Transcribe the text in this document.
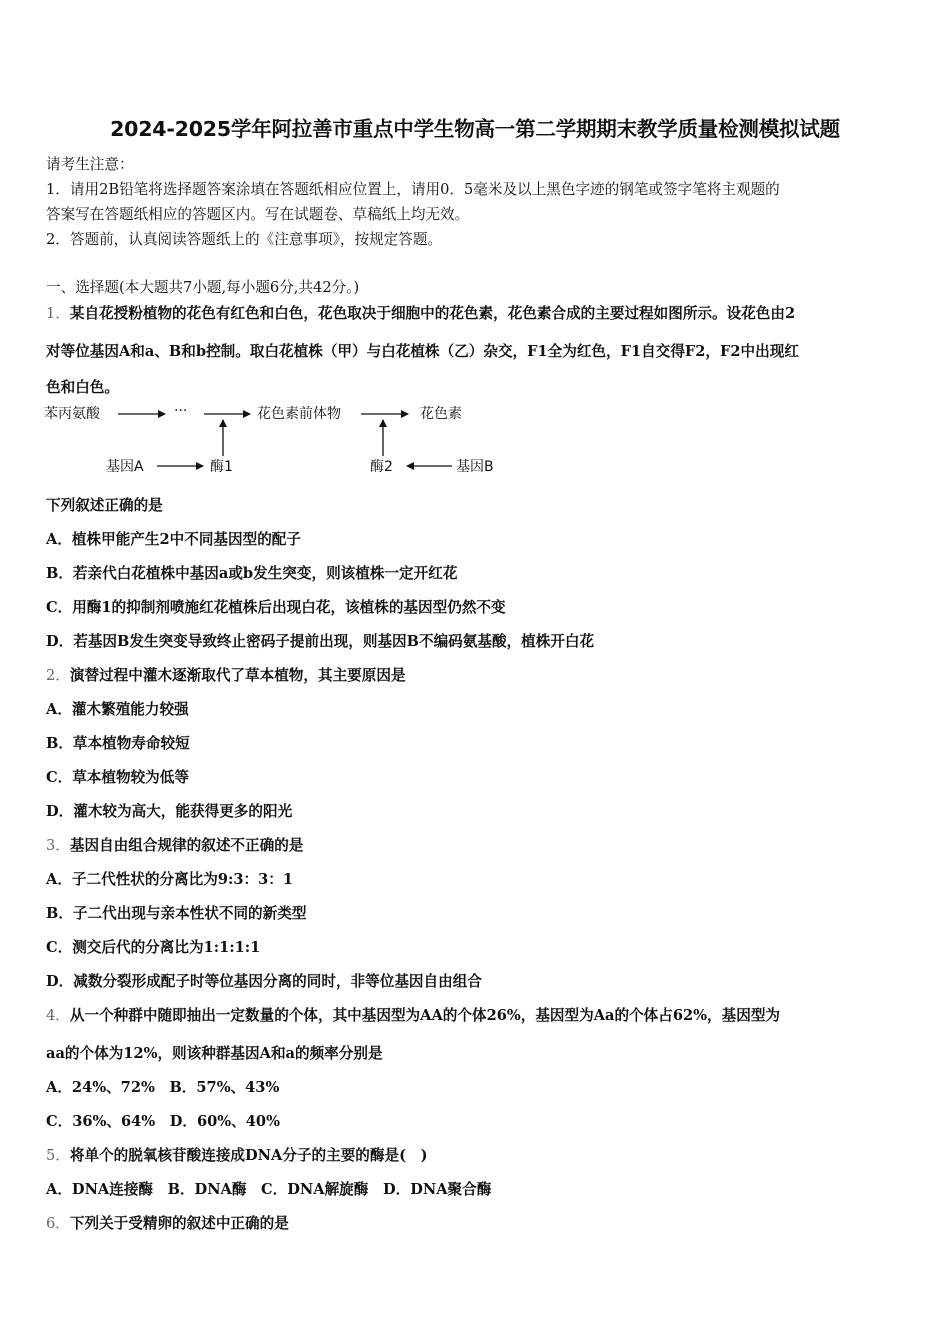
2024-2025学年阿拉善市重点中学生物高一第二学期期末教学质量检测模拟试题
请考生注意：
1．请用2B铅笔将选择题答案涂填在答题纸相应位置上，请用0．5毫米及以上黑色字迹的钢笔或签字笔将主观题的
答案写在答题纸相应的答题区内。写在试题卷、草稿纸上均无效。
2．答题前，认真阅读答题纸上的《注意事项》，按规定答题。
一、选择题(本大题共7小题,每小题6分,共42分。)
1．某自花授粉植物的花色有红色和白色，花色取决于细胞中的花色素，花色素合成的主要过程如图所示。设花色由2
对等位基因A和a、B和b控制。取白花植株（甲）与白花植株（乙）杂交，F1全为红色，F1自交得F2，F2中出现红
色和白色。
苯丙氨酸	···	花色素前体物	花色素
基因A	酶1	酶2	基因B
下列叙述正确的是
A．植株甲能产生2中不同基因型的配子
B．若亲代白花植株中基因a或b发生突变，则该植株一定开红花
C．用酶1的抑制剂喷施红花植株后出现白花，该植株的基因型仍然不变
D．若基因B发生突变导致终止密码子提前出现，则基因B不编码氨基酸，植株开白花
2．演替过程中灌木逐渐取代了草本植物，其主要原因是
A．灌木繁殖能力较强
B．草本植物寿命较短
C．草本植物较为低等
D．灌木较为高大，能获得更多的阳光
3．基因自由组合规律的叙述不正确的是
A．子二代性状的分离比为9:3：3：1
B．子二代出现与亲本性状不同的新类型
C．测交后代的分离比为1:1:1:1
D．减数分裂形成配子时等位基因分离的同时，非等位基因自由组合
4．从一个种群中随即抽出一定数量的个体，其中基因型为AA的个体26%，基因型为Aa的个体占62%，基因型为
aa的个体为12%，则该种群基因A和a的频率分别是
A．24%、72%　B．57%、43%
C．36%、64%　D．60%、40%
5．将单个的脱氧核苷酸连接成DNA分子的主要的酶是(　)
A．DNA连接酶　B．DNA酶　C．DNA解旋酶　D．DNA聚合酶
6．下列关于受精卵的叙述中正确的是
